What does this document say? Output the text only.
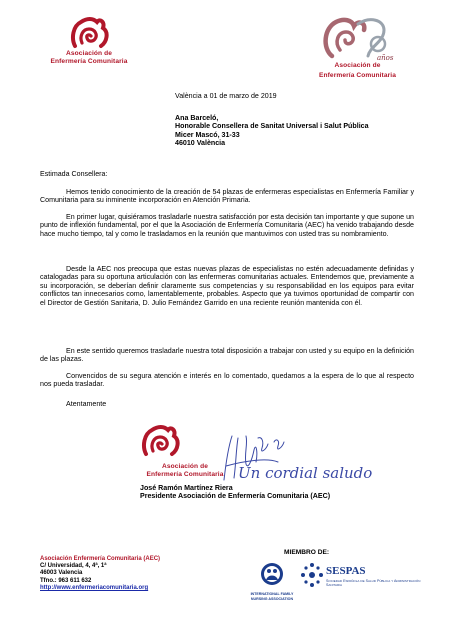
Asociación de
Enfermería Comunitaria	años
Asociación de
Enfermería Comunitaria
València a 01 de marzo de 2019
Ana Barceló,
Honorable Consellera de Sanitat Universal i Salut Pública
Micer Mascó, 31-33
46010 València
Estimada Consellera:

Hemos tenido conocimiento de la creación de 54 plazas de enfermeras especialistas en Enfermería Familiar y Comunitaria para su inminente incorporación en Atención Primaria.

En primer lugar, quisiéramos trasladarle nuestra satisfacción por esta decisión tan importante y que supone un punto de inflexión fundamental, por el que la Asociación de Enfermería Comunitaria (AEC) ha venido trabajando desde hace mucho tiempo, tal y como le trasladamos en la reunión que mantuvimos con usted tras su nombramiento.

Desde la AEC nos preocupa que estas nuevas plazas de especialistas no estén adecuadamente definidas y catalogadas para su oportuna articulación con las enfermeras comunitarias actuales. Entendemos que, previamente a su incorporación, se deberían definir claramente sus competencias y su responsabilidad en los equipos para evitar conflictos tan innecesarios como, lamentablemente, probables. Aspecto que ya tuvimos oportunidad de compartir con el Director de Gestión Sanitaria, D. Julio Fernández Garrido en una reciente reunión mantenida con él.

En este sentido queremos trasladarle nuestra total disposición a trabajar con usted y su equipo en la definición de las plazas.

Convencidos de su segura atención e interés en lo comentado, quedamos a la espera de lo que al respecto nos pueda trasladar.

Atentamente
Asociación de
Enfermería Comunitaria Un cordial saludo
José Ramón Martínez Riera
Presidente Asociación de Enfermería Comunitaria (AEC)
Asociación Enfermería Comunitaria (AEC)
C/ Universidad, 4, 4ª, 1ª
46003 Valencia
Tfno.: 963 611 632
http://www.enfermeriacomunitaria.org
MIEMBRO DE:
INTERNATIONAL FAMILY
NURSING ASSOCIATION
SESPAS
Sociedad Española de Salud Pública y Administración Sanitaria
